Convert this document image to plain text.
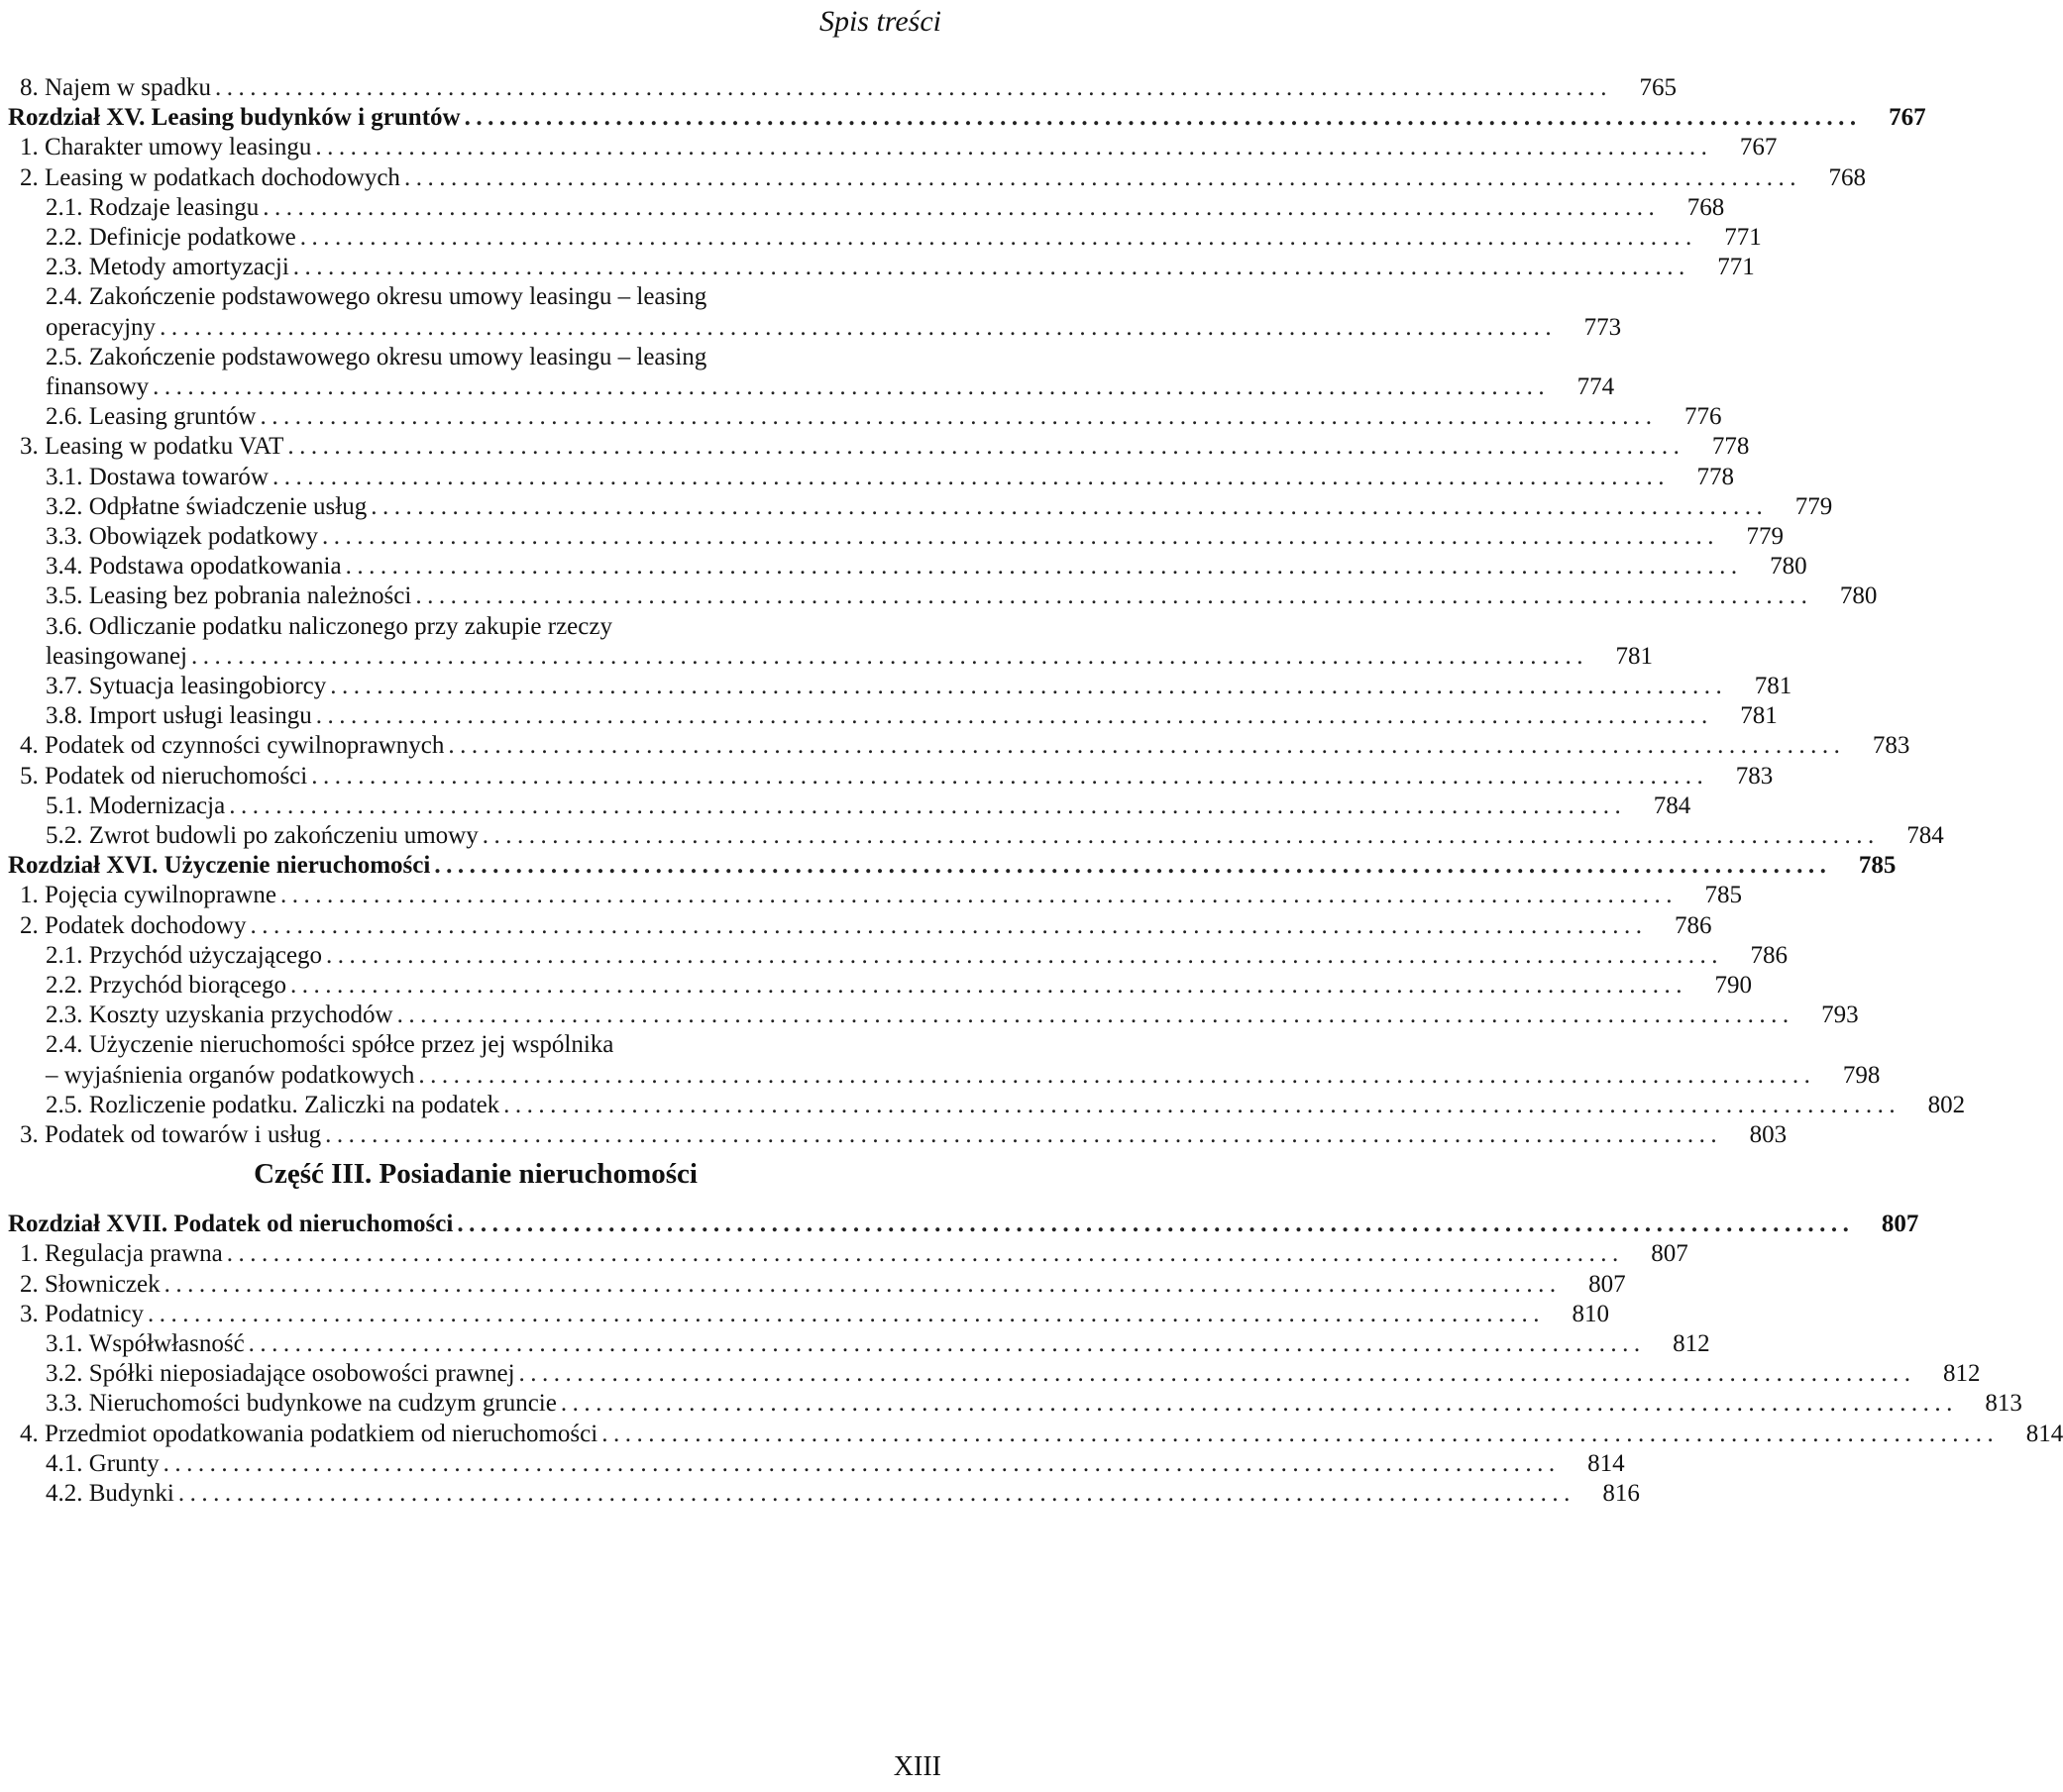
Spis treści
8. Najem w spadku ........................................................................................................................	765
Rozdział XV. Leasing budynków i gruntów ........................................................................................................................	767
1. Charakter umowy leasingu ........................................................................................................................	767
2. Leasing w podatkach dochodowych ........................................................................................................................	768
2.1. Rodzaje leasingu ........................................................................................................................	768
2.2. Definicje podatkowe ........................................................................................................................	771
2.3. Metody amortyzacji ........................................................................................................................	771
2.4. Zakończenie podstawowego okresu umowy leasingu – leasing
operacyjny ........................................................................................................................	773
2.5. Zakończenie podstawowego okresu umowy leasingu – leasing
finansowy ........................................................................................................................	774
2.6. Leasing gruntów ........................................................................................................................	776
3. Leasing w podatku VAT ........................................................................................................................	778
3.1. Dostawa towarów ........................................................................................................................	778
3.2. Odpłatne świadczenie usług ........................................................................................................................	779
3.3. Obowiązek podatkowy ........................................................................................................................	779
3.4. Podstawa opodatkowania ........................................................................................................................	780
3.5. Leasing bez pobrania należności ........................................................................................................................	780
3.6. Odliczanie podatku naliczonego przy zakupie rzeczy
leasingowanej ........................................................................................................................	781
3.7. Sytuacja leasingobiorcy ........................................................................................................................	781
3.8. Import usługi leasingu ........................................................................................................................	781
4. Podatek od czynności cywilnoprawnych ........................................................................................................................	783
5. Podatek od nieruchomości ........................................................................................................................	783
5.1. Modernizacja ........................................................................................................................	784
5.2. Zwrot budowli po zakończeniu umowy ........................................................................................................................	784
Rozdział XVI. Użyczenie nieruchomości ........................................................................................................................	785
1. Pojęcia cywilnoprawne ........................................................................................................................	785
2. Podatek dochodowy ........................................................................................................................	786
2.1. Przychód użyczającego ........................................................................................................................	786
2.2. Przychód biorącego ........................................................................................................................	790
2.3. Koszty uzyskania przychodów ........................................................................................................................	793
2.4. Użyczenie nieruchomości spółce przez jej wspólnika
– wyjaśnienia organów podatkowych ........................................................................................................................	798
2.5. Rozliczenie podatku. Zaliczki na podatek ........................................................................................................................	802
3. Podatek od towarów i usług ........................................................................................................................	803
Rozdział XVII. Podatek od nieruchomości ........................................................................................................................	807
1. Regulacja prawna ........................................................................................................................	807
2. Słowniczek ........................................................................................................................	807
3. Podatnicy ........................................................................................................................	810
3.1. Współwłasność ........................................................................................................................	812
3.2. Spółki nieposiadające osobowości prawnej ........................................................................................................................	812
3.3. Nieruchomości budynkowe na cudzym gruncie ........................................................................................................................	813
4. Przedmiot opodatkowania podatkiem od nieruchomości ........................................................................................................................	814
4.1. Grunty ........................................................................................................................	814
4.2. Budynki ........................................................................................................................	816
Część III. Posiadanie nieruchomości
XIII
